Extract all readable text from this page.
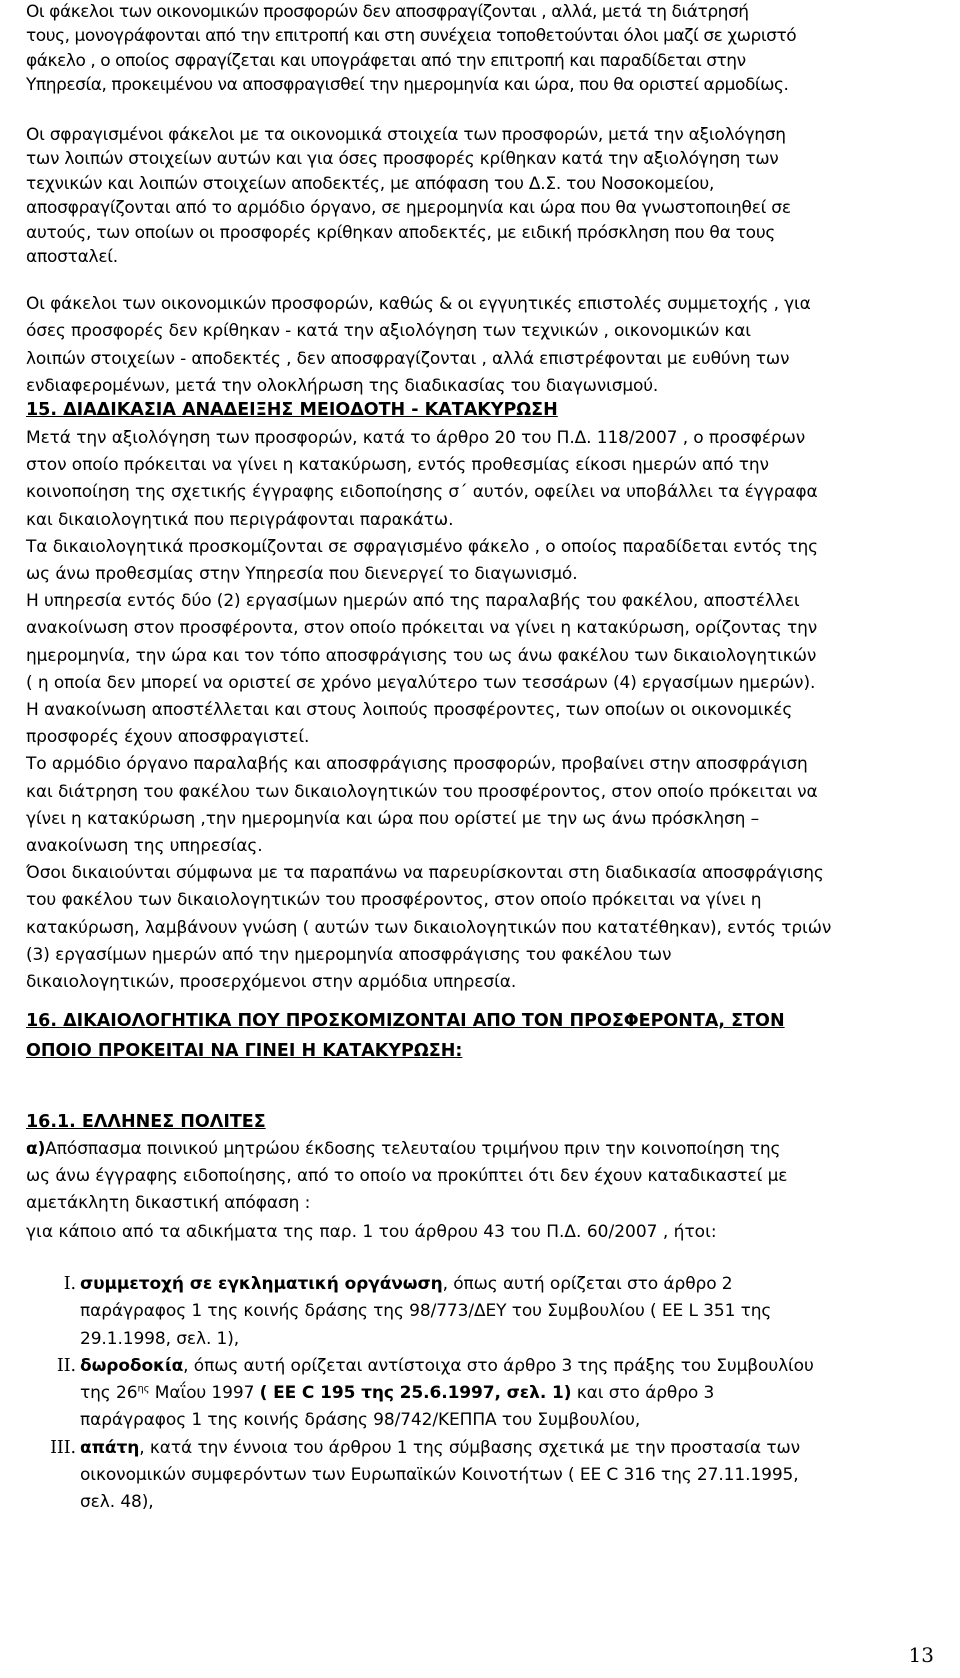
Οι φάκελοι των οικονομικών προσφορών δεν αποσφραγίζονται , αλλά, μετά τη διάτρησή
τους, μονογράφονται από την επιτροπή και στη συνέχεια τοποθετούνται όλοι μαζί σε χωριστό
φάκελο , ο οποίος σφραγίζεται και υπογράφεται από την επιτροπή και παραδίδεται στην
Υπηρεσία, προκειμένου να αποσφραγισθεί την ημερομηνία και ώρα, που θα οριστεί αρμοδίως.

Οι σφραγισμένοι φάκελοι με τα οικονομικά στοιχεία των προσφορών, μετά την αξιολόγηση
των λοιπών στοιχείων αυτών και για όσες προσφορές κρίθηκαν κατά την αξιολόγηση των
τεχνικών και λοιπών στοιχείων αποδεκτές, με απόφαση του Δ.Σ. του Νοσοκομείου,
αποσφραγίζονται από το αρμόδιο όργανο, σε ημερομηνία και ώρα που θα γνωστοποιηθεί σε
αυτούς, των οποίων οι προσφορές κρίθηκαν αποδεκτές, με ειδική πρόσκληση που θα τους
αποσταλεί.

Οι φάκελοι των οικονομικών προσφορών, καθώς & οι εγγυητικές επιστολές συμμετοχής , για
όσες προσφορές δεν κρίθηκαν - κατά την αξιολόγηση των τεχνικών , οικονομικών και
λοιπών στοιχείων - αποδεκτές , δεν αποσφραγίζονται , αλλά επιστρέφονται με ευθύνη των
ενδιαφερομένων, μετά την ολοκλήρωση της διαδικασίας του διαγωνισμού.

15. ΔΙΑΔΙΚΑΣΙΑ ΑΝΑΔΕΙΞΗΣ ΜΕΙΟΔΟΤΗ - ΚΑΤΑΚΥΡΩΣΗ

Μετά την αξιολόγηση των προσφορών, κατά το άρθρο 20 του Π.Δ. 118/2007 , ο προσφέρων
στον οποίο πρόκειται να γίνει η κατακύρωση, εντός προθεσμίας είκοσι ημερών από την
κοινοποίηση της σχετικής έγγραφης ειδοποίησης σ΄ αυτόν, οφείλει να υποβάλλει τα έγγραφα
και δικαιολογητικά που περιγράφονται παρακάτω.
Τα δικαιολογητικά προσκομίζονται σε σφραγισμένο φάκελο , ο οποίος παραδίδεται εντός της
ως άνω προθεσμίας στην Υπηρεσία που διενεργεί το διαγωνισμό.
Η υπηρεσία εντός δύο (2) εργασίμων ημερών από της παραλαβής του φακέλου, αποστέλλει
ανακοίνωση στον προσφέροντα, στον οποίο πρόκειται να γίνει η κατακύρωση, ορίζοντας την
ημερομηνία, την ώρα και τον τόπο αποσφράγισης του ως άνω φακέλου των δικαιολογητικών
( η οποία δεν μπορεί να οριστεί σε χρόνο μεγαλύτερο των τεσσάρων (4) εργασίμων ημερών).
Η ανακοίνωση αποστέλλεται και στους λοιπούς προσφέροντες, των οποίων οι οικονομικές
προσφορές έχουν αποσφραγιστεί.
Το αρμόδιο όργανο παραλαβής και αποσφράγισης προσφορών, προβαίνει στην αποσφράγιση
και διάτρηση του φακέλου των δικαιολογητικών του προσφέροντος, στον οποίο πρόκειται να
γίνει η κατακύρωση ,την ημερομηνία και ώρα που ορίστεί με την ως άνω πρόσκληση –
ανακοίνωση της υπηρεσίας.
Όσοι δικαιούνται σύμφωνα με τα παραπάνω να παρευρίσκονται στη διαδικασία αποσφράγισης
του φακέλου των δικαιολογητικών του προσφέροντος, στον οποίο πρόκειται να γίνει η
κατακύρωση, λαμβάνουν γνώση ( αυτών των δικαιολογητικών που κατατέθηκαν), εντός τριών
(3) εργασίμων ημερών από την ημερομηνία αποσφράγισης του φακέλου των
δικαιολογητικών, προσερχόμενοι στην αρμόδια υπηρεσία.

16. ΔΙΚΑΙΟΛΟΓΗΤΙΚΑ ΠΟΥ ΠΡΟΣΚΟΜΙΖΟΝΤΑΙ ΑΠΟ ΤΟΝ ΠΡΟΣΦΕΡΟΝΤΑ, ΣΤΟΝ
ΟΠΟΙΟ ΠΡΟΚΕΙΤΑΙ ΝΑ ΓΙΝΕΙ Η ΚΑΤΑΚΥΡΩΣΗ:
16.1. ΕΛΛΗΝΕΣ ΠΟΛΙΤΕΣ

α)Απόσπασμα ποινικού μητρώου έκδοσης τελευταίου τριμήνου πριν την κοινοποίηση της
ως άνω έγγραφης ειδοποίησης, από το οποίο να προκύπτει ότι δεν έχουν καταδικαστεί με
αμετάκλητη δικαστική απόφαση :

για κάποιο από τα αδικήματα της παρ. 1 του άρθρου 43 του Π.Δ. 60/2007 , ήτοι:

I. συμμετοχή σε εγκληματική οργάνωση, όπως αυτή ορίζεται στο άρθρο 2
παράγραφος 1 της κοινής δράσης της 98/773/ΔΕΥ του Συμβουλίου ( ΕΕ L 351 της
29.1.1998, σελ. 1),
II. δωροδοκία, όπως αυτή ορίζεται αντίστοιχα στο άρθρο 3 της πράξης του Συμβουλίου
της $26^{\eta\varsigma}$ Μαΐου 1997 ( ΕΕ C 195 της 25.6.1997, σελ. 1) και στο άρθρο 3
παράγραφος 1 της κοινής δράσης 98/742/ΚΕΠΠΑ του Συμβουλίου,
III. απάτη, κατά την έννοια του άρθρου 1 της σύμβασης σχετικά με την προστασία των
οικονομικών συμφερόντων των Ευρωπαϊκών Κοινοτήτων ( ΕΕ C 316 της 27.11.1995,
σελ. 48),
13
